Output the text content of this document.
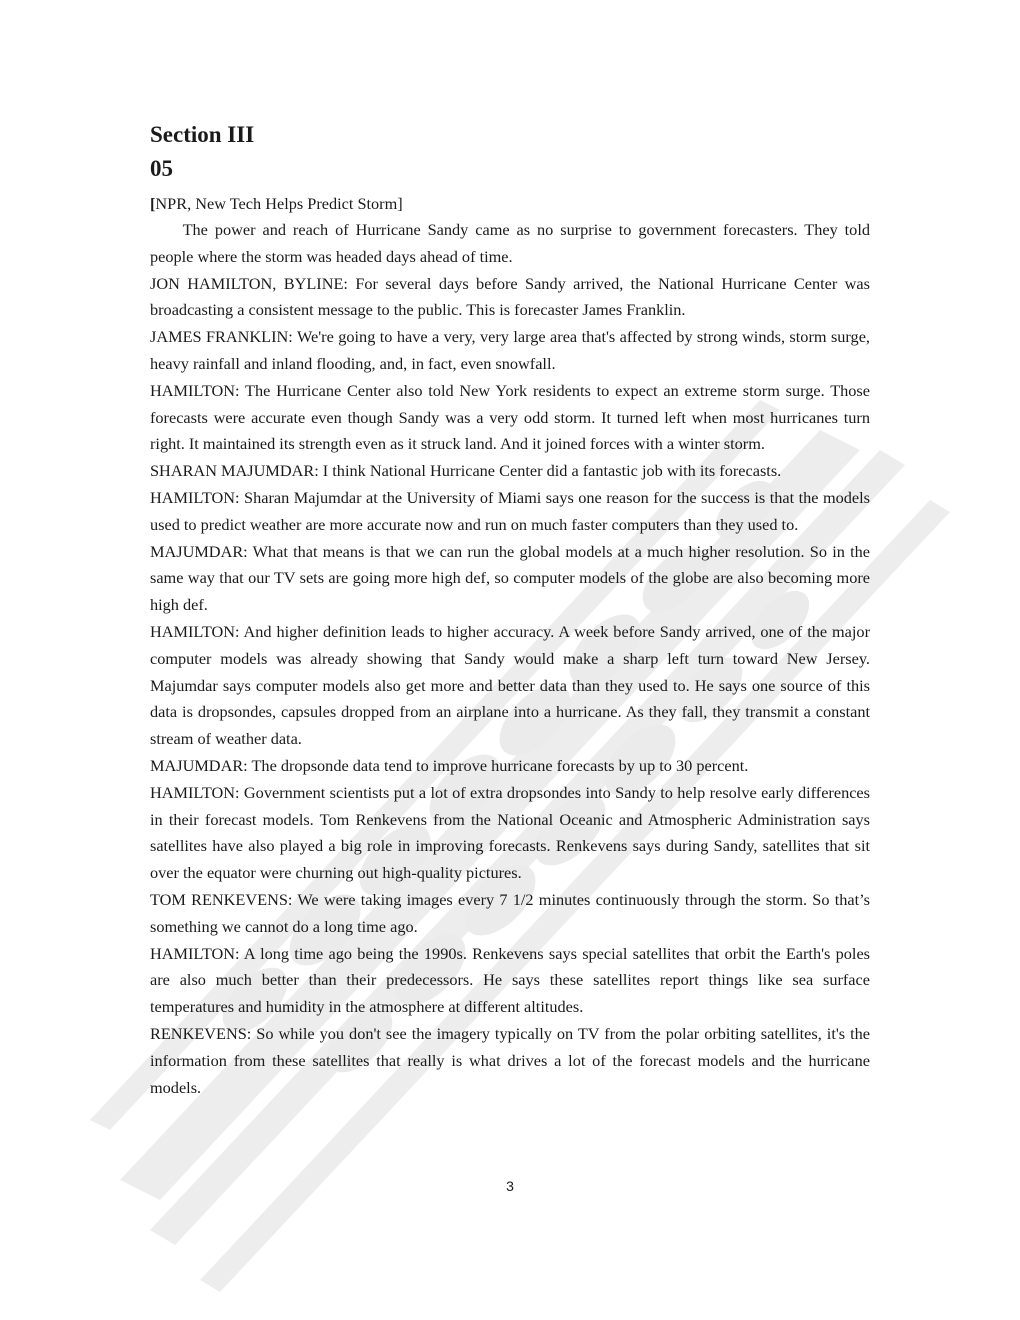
Section III
05

[NPR, New Tech Helps Predict Storm]

The power and reach of Hurricane Sandy came as no surprise to government forecasters. They told people where the storm was headed days ahead of time.

JON HAMILTON, BYLINE: For several days before Sandy arrived, the National Hurricane Center was broadcasting a consistent message to the public. This is forecaster James Franklin.

JAMES FRANKLIN: We're going to have a very, very large area that's affected by strong winds, storm surge, heavy rainfall and inland flooding, and, in fact, even snowfall.

HAMILTON: The Hurricane Center also told New York residents to expect an extreme storm surge. Those forecasts were accurate even though Sandy was a very odd storm. It turned left when most hurricanes turn right. It maintained its strength even as it struck land. And it joined forces with a winter storm.

SHARAN MAJUMDAR: I think National Hurricane Center did a fantastic job with its forecasts.

HAMILTON: Sharan Majumdar at the University of Miami says one reason for the success is that the models used to predict weather are more accurate now and run on much faster computers than they used to.

MAJUMDAR: What that means is that we can run the global models at a much higher resolution. So in the same way that our TV sets are going more high def, so computer models of the globe are also becoming more high def.

HAMILTON: And higher definition leads to higher accuracy. A week before Sandy arrived, one of the major computer models was already showing that Sandy would make a sharp left turn toward New Jersey. Majumdar says computer models also get more and better data than they used to. He says one source of this data is dropsondes, capsules dropped from an airplane into a hurricane. As they fall, they transmit a constant stream of weather data.

MAJUMDAR: The dropsonde data tend to improve hurricane forecasts by up to 30 percent.

HAMILTON: Government scientists put a lot of extra dropsondes into Sandy to help resolve early differences in their forecast models. Tom Renkevens from the National Oceanic and Atmospheric Administration says satellites have also played a big role in improving forecasts. Renkevens says during Sandy, satellites that sit over the equator were churning out high-quality pictures.

TOM RENKEVENS: We were taking images every 7 1/2 minutes continuously through the storm. So that’s something we cannot do a long time ago.

HAMILTON: A long time ago being the 1990s. Renkevens says special satellites that orbit the Earth's poles are also much better than their predecessors. He says these satellites report things like sea surface temperatures and humidity in the atmosphere at different altitudes.

RENKEVENS: So while you don't see the imagery typically on TV from the polar orbiting satellites, it's the information from these satellites that really is what drives a lot of the forecast models and the hurricane models.

3
